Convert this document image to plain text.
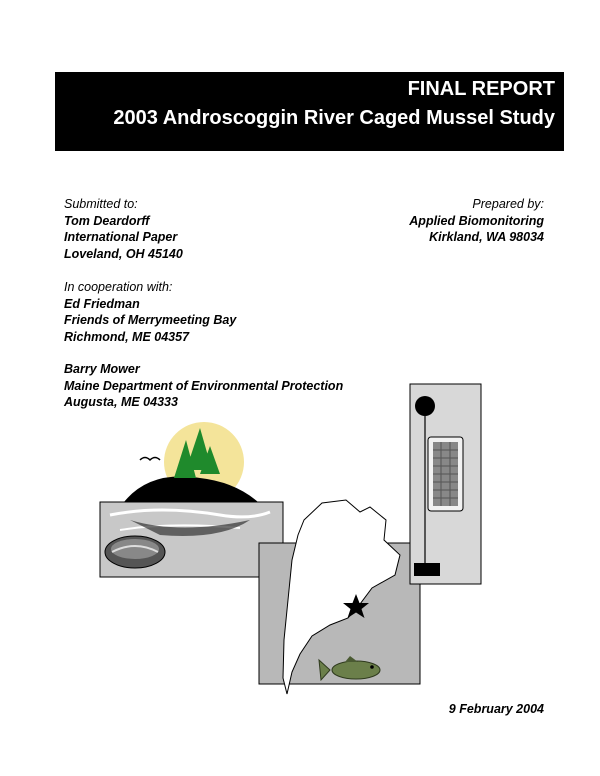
FINAL REPORT
2003 Androscoggin River Caged Mussel Study
Submitted to:
Tom Deardorff
International Paper
Loveland, OH 45140
Prepared by:
Applied Biomonitoring
Kirkland, WA 98034
In cooperation with:
Ed Friedman
Friends of Merrymeeting Bay
Richmond, ME 04357
Barry Mower
Maine Department of Environmental Protection
Augusta, ME 04333
9 February 2004
